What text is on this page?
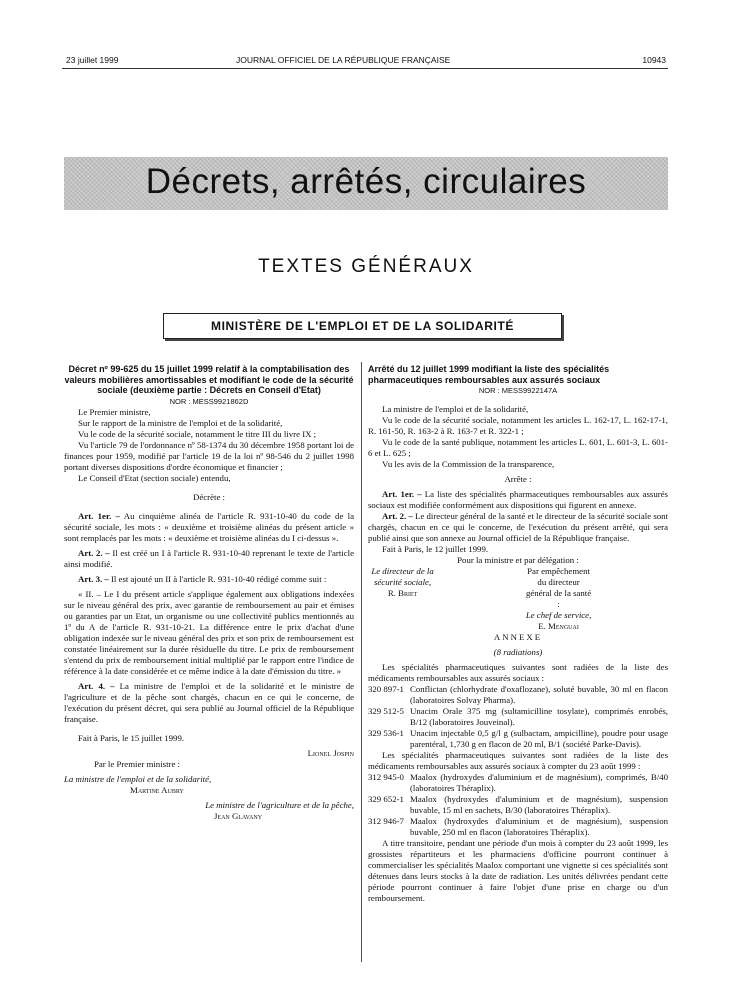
23 juillet 1999	JOURNAL OFFICIEL DE LA RÉPUBLIQUE FRANÇAISE	10943
Décrets, arrêtés, circulaires
TEXTES GÉNÉRAUX
MINISTÈRE DE L'EMPLOI ET DE LA SOLIDARITÉ

Décret nº 99-625 du 15 juillet 1999 relatif à la comptabilisation des valeurs mobilières amortissables et modifiant le code de la sécurité sociale (deuxième partie : Décrets en Conseil d'Etat)

NOR : MESS9921862D

Le Premier ministre,

Sur le rapport de la ministre de l'emploi et de la solidarité,

Vu le code de la sécurité sociale, notamment le titre III du livre IX ;

Vu l'article 79 de l'ordonnance nº 58-1374 du 30 décembre 1958 portant loi de finances pour 1959, modifié par l'article 19 de la loi nº 98-546 du 2 juillet 1998 portant diverses dispositions d'ordre économique et financier ;

Le Conseil d'Etat (section sociale) entendu,

Décrète :

Art. 1er. – Au cinquième alinéa de l'article R. 931-10-40 du code de la sécurité sociale, les mots : « deuxième et troisième alinéas du présent article » sont remplacés par les mots : « deuxième et troisième alinéas du I ci-dessus ».

Art. 2. – Il est créé un I à l'article R. 931-10-40 reprenant le texte de l'article ainsi modifié.

Art. 3. – Il est ajouté un II à l'article R. 931-10-40 rédigé comme suit :

« II. – Le I du présent article s'applique également aux obligations indexées sur le niveau général des prix, avec garantie de remboursement au pair et émises ou garanties par un Etat, un organisme ou une collectivité publics mentionnés au 1º du A de l'article R. 931-10-21. La différence entre le prix d'achat d'une obligation indexée sur le niveau général des prix et son prix de remboursement est constatée linéairement sur la durée résiduelle du titre. Le prix de remboursement s'entend du prix de remboursement initial multiplié par le rapport entre l'indice de référence à la date considérée et ce même indice à la date d'émission du titre. »

Art. 4. – La ministre de l'emploi et de la solidarité et le ministre de l'agriculture et de la pêche sont chargés, chacun en ce qui le concerne, de l'exécution du présent décret, qui sera publié au Journal officiel de la République française.

Fait à Paris, le 15 juillet 1999.

Lionel Jospin

Par le Premier ministre :

La ministre de l'emploi et de la solidarité,

Martine Aubry

Le ministre de l'agriculture et de la pêche,

Jean Glavany

Arrêté du 12 juillet 1999 modifiant la liste des spécialités pharmaceutiques remboursables aux assurés sociaux

NOR : MESS9922147A

La ministre de l'emploi et de la solidarité,

Vu le code de la sécurité sociale, notamment les articles L. 162-17, L. 162-17-1, R. 161-50, R. 163-2 à R. 163-7 et R. 322-1 ;

Vu le code de la santé publique, notamment les articles L. 601, L. 601-3, L. 601-6 et L. 625 ;

Vu les avis de la Commission de la transparence,

Arrête :

Art. 1er. – La liste des spécialités pharmaceutiques remboursables aux assurés sociaux est modifiée conformément aux dispositions qui figurent en annexe.

Art. 2. – Le directeur général de la santé et le directeur de la sécurité sociale sont chargés, chacun en ce qui le concerne, de l'exécution du présent arrêté, qui sera publié ainsi que son annexe au Journal officiel de la République française.

Fait à Paris, le 12 juillet 1999.

Pour la ministre et par délégation :

Le directeur de la sécurité sociale,
R. Briet
Par empêchement du directeur général de la santé :
Le chef de service,
E. Menguai

ANNEXE

(8 radiations)

Les spécialités pharmaceutiques suivantes sont radiées de la liste des médicaments remboursables aux assurés sociaux :

320 897-1 Conflictan (chlorhydrate d'oxaflozane), soluté buvable, 30 ml en flacon (laboratoires Solvay Pharma).
329 512-5 Unacim Orale 375 mg (sultamicilline tosylate), comprimés enrobés, B/12 (laboratoires Jouveinal).
329 536-1 Unacim injectable 0,5 g/l g (sulbactam, ampicilline), poudre pour usage parentéral, 1,730 g en flacon de 20 ml, B/1 (société Parke-Davis).

Les spécialités pharmaceutiques suivantes sont radiées de la liste des médicaments remboursables aux assurés sociaux à compter du 23 août 1999 :

312 945-0 Maalox (hydroxydes d'aluminium et de magnésium), comprimés, B/40 (laboratoires Théraplix).
329 652-1 Maalox (hydroxydes d'aluminium et de magnésium), suspension buvable, 15 ml en sachets, B/30 (laboratoires Théraplix).
312 946-7 Maalox (hydroxydes d'aluminium et de magnésium), suspension buvable, 250 ml en flacon (laboratoires Théraplix).

A titre transitoire, pendant une période d'un mois à compter du 23 août 1999, les grossistes répartiteurs et les pharmaciens d'officine pourront continuer à commercialiser les spécialités Maalox comportant une vignette si ces spécialités sont détenues dans leurs stocks à la date de radiation. Les unités délivrées pendant cette période pourront continuer à faire l'objet d'une prise en charge ou d'un remboursement.
